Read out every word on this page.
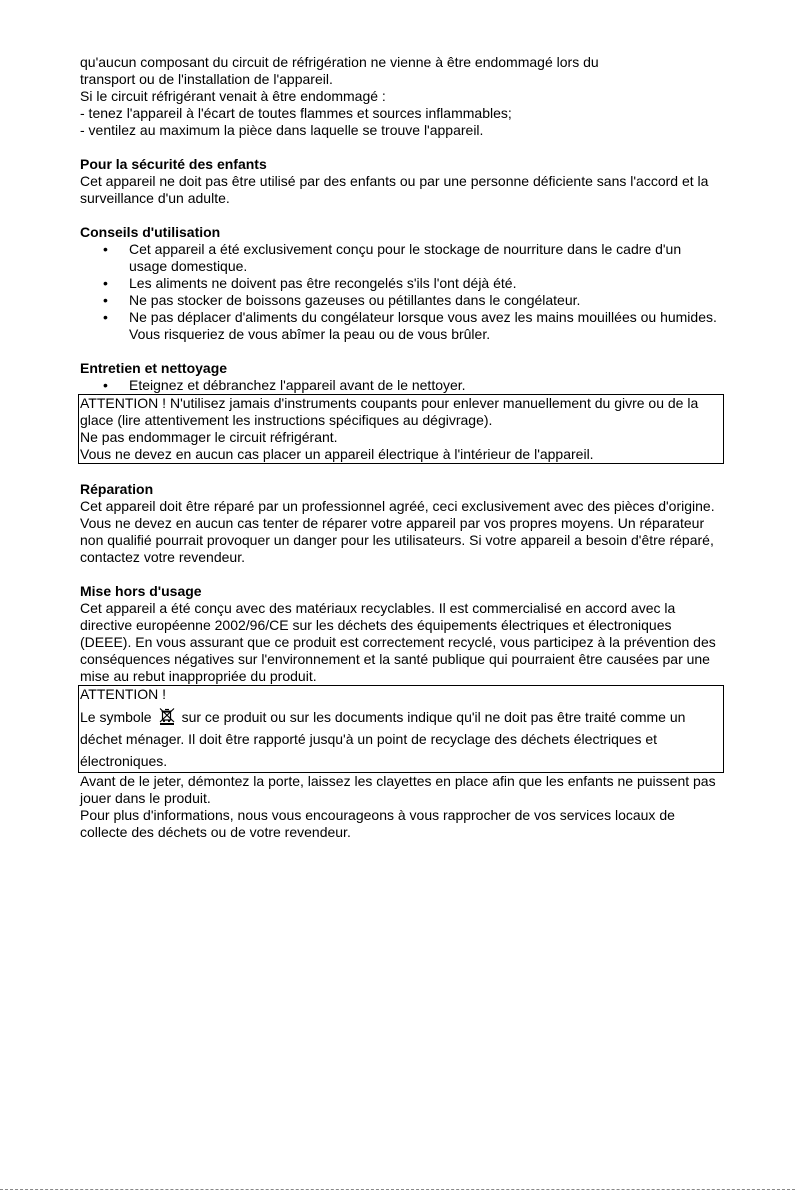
qu'aucun composant du circuit de réfrigération ne vienne à être endommagé lors du

transport ou de l'installation de l'appareil.

Si le circuit réfrigérant venait à être endommagé :

- tenez l'appareil à l'écart de toutes flammes et sources inflammables;

- ventilez au maximum la pièce dans laquelle se trouve l'appareil.

Pour la sécurité des enfants

Cet appareil ne doit pas être utilisé par des enfants ou par une personne déficiente sans l'accord et la surveillance d'un adulte.

Conseils d'utilisation
• Cet appareil a été exclusivement conçu pour le stockage de nourriture dans le cadre d'un usage domestique.
• Les aliments ne doivent pas être recongelés s'ils l'ont déjà été.
• Ne pas stocker de boissons gazeuses ou pétillantes dans le congélateur.
• Ne pas déplacer d'aliments du congélateur lorsque vous avez les mains mouillées ou humides. Vous risqueriez de vous abîmer la peau ou de vous brûler.
Entretien et nettoyage
• Eteignez et débranchez l'appareil avant de le nettoyer.

ATTENTION ! N'utilisez jamais d'instruments coupants pour enlever manuellement du givre ou de la glace (lire attentivement les instructions spécifiques au dégivrage).

Ne pas endommager le circuit réfrigérant.

Vous ne devez en aucun cas placer un appareil électrique à l'intérieur de l'appareil.

Réparation

Cet appareil doit être réparé par un professionnel agréé, ceci exclusivement avec des pièces d'origine. Vous ne devez en aucun cas tenter de réparer votre appareil par vos propres moyens. Un réparateur non qualifié pourrait provoquer un danger pour les utilisateurs. Si votre appareil a besoin d'être réparé, contactez votre revendeur.

Mise hors d'usage

Cet appareil a été conçu avec des matériaux recyclables. Il est commercialisé en accord avec la directive européenne 2002/96/CE sur les déchets des équipements électriques et électroniques (DEEE). En vous assurant que ce produit est correctement recyclé, vous participez à la prévention des conséquences négatives sur l'environnement et la santé publique qui pourraient être causées par une mise au rebut inappropriée du produit.

ATTENTION !

Le symbole sur ce produit ou sur les documents indique qu'il ne doit pas être traité comme un déchet ménager. Il doit être rapporté jusqu'à un point de recyclage des déchets électriques et électroniques.

Avant de le jeter, démontez la porte, laissez les clayettes en place afin que les enfants ne puissent pas jouer dans le produit.

Pour plus d'informations, nous vous encourageons à vous rapprocher de vos services locaux de collecte des déchets ou de votre revendeur.
